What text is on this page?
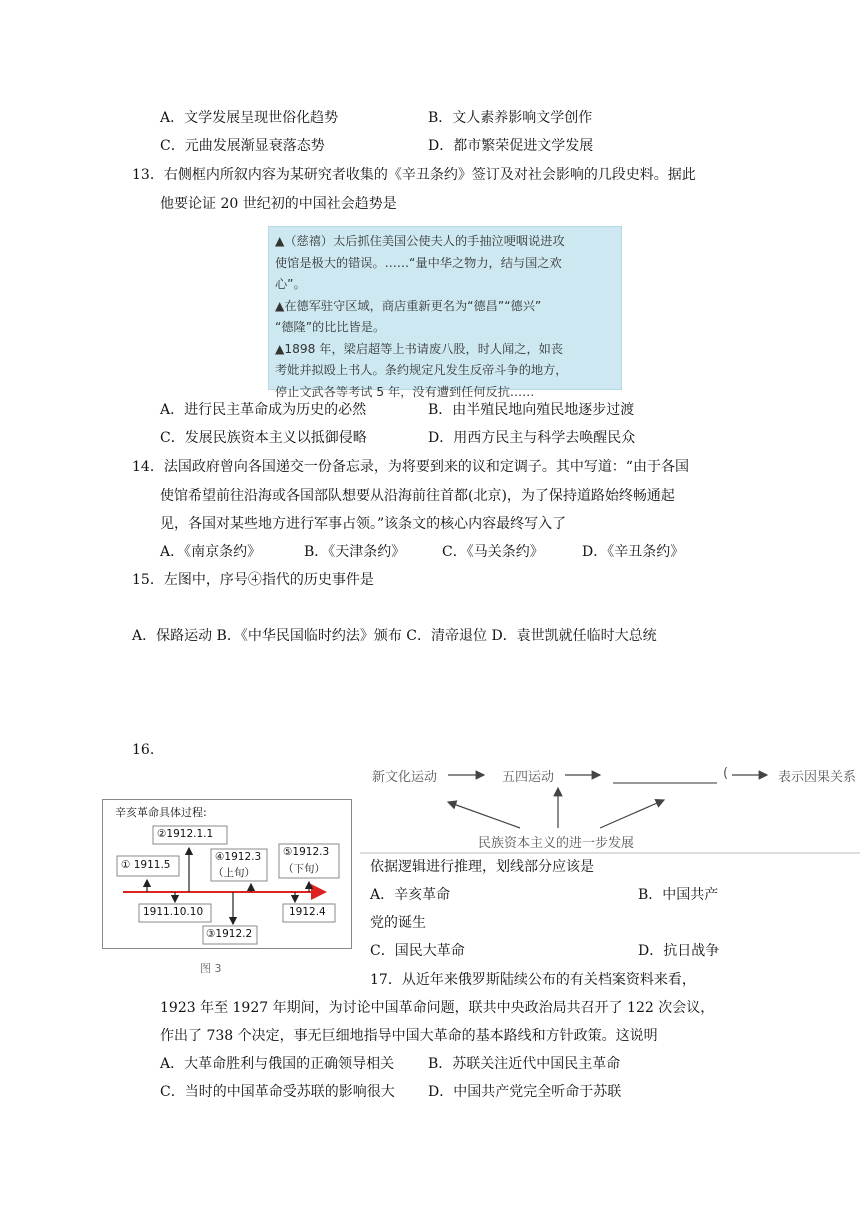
A．文学发展呈现世俗化趋势	B．文人素养影响文学创作
C．元曲发展渐显衰落态势	D．都市繁荣促进文学发展
13．右侧框内所叙内容为某研究者收集的《辛丑条约》签订及对社会影响的几段史料。据此
他要论证 20 世纪初的中国社会趋势是

▲（慈禧）太后抓住美国公使夫人的手抽泣哽咽说进攻

使馆是极大的错误。……“量中华之物力，结与国之欢

心”。

▲在德军驻守区域，商店重新更名为“德昌”“德兴”

“德隆”的比比皆是。

▲1898 年，梁启超等上书请废八股，时人闻之，如丧

考妣并拟殴上书人。条约规定凡发生反帝斗争的地方，

停止文武各等考试 5 年，没有遭到任何反抗……

A．进行民主革命成为历史的必然	B．由半殖民地向殖民地逐步过渡
C．发展民族资本主义以抵御侵略	D．用西方民主与科学去唤醒民众
14．法国政府曾向各国递交一份备忘录，为将要到来的议和定调子。其中写道：“由于各国
使馆希望前往沿海或各国部队想要从沿海前往首都(北京)，为了保持道路始终畅通起
见，各国对某些地方进行军事占领。”该条文的核心内容最终写入了
A．《南京条约》	B．《天津条约》	C．《马关条约》	D．《辛丑条约》
15．左图中，序号④指代的历史事件是
A．保路运动 B．《中华民国临时约法》颁布 C．清帝退位 D．袁世凯就任临时大总统
16.
新文化运动	五四运动	(	表示因果关系
民族资本主义的进一步发展
辛亥革命具体过程:
① 1911.5
②1912.1.1
④1912.3
（上旬）
⑤1912.3
（下旬）
1911.10.10
③1912.2
1912.4
图 3
依据逻辑进行推理，划线部分应该是
A．辛亥革命	B．中国共产
党的诞生
C．国民大革命	D．抗日战争
17．从近年来俄罗斯陆续公布的有关档案资料来看，
1923 年至 1927 年期间，为讨论中国革命问题，联共中央政治局共召开了 122 次会议，
作出了 738 个决定，事无巨细地指导中国大革命的基本路线和方针政策。这说明
A．大革命胜利与俄国的正确领导相关 B．苏联关注近代中国民主革命
C．当时的中国革命受苏联的影响很大 D．中国共产党完全听命于苏联
